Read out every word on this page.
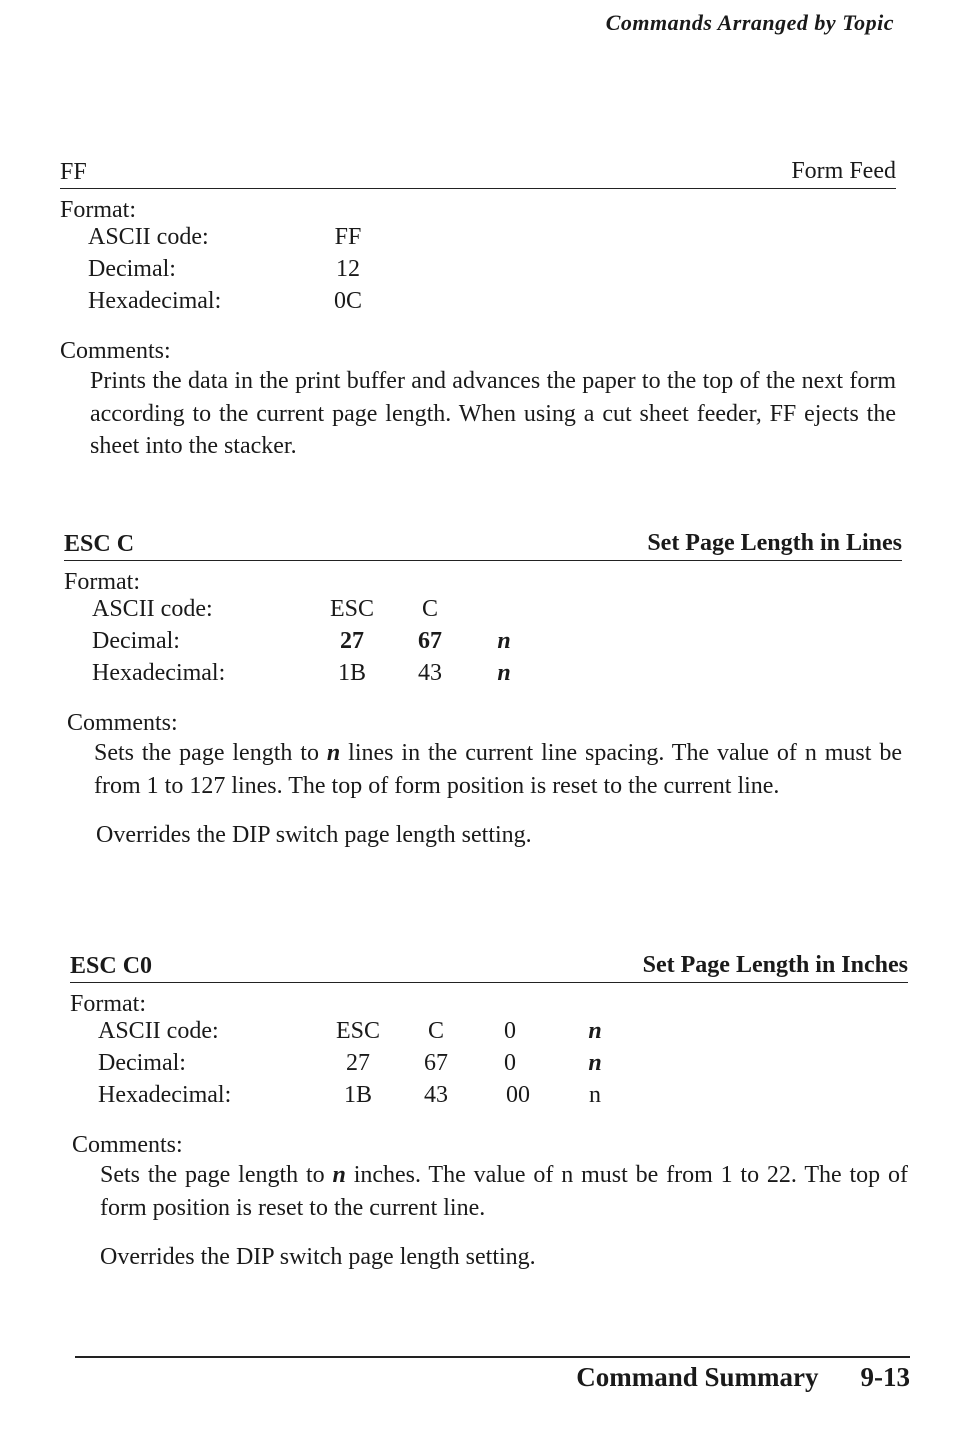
Commands Arranged by Topic
FF	Form Feed
Format:
ASCII code:	FF
Decimal:	12
Hexadecimal:	0C
Comments:

Prints the data in the print buffer and advances the paper to the top of the next form according to the current page length. When using a cut sheet feeder, FF ejects the sheet into the stacker.

ESC C	Set Page Length in Lines
Format:
ASCII code:	ESC	C
Decimal:	27	67	n
Hexadecimal:	1B	43	n
Comments:

Sets the page length to n lines in the current line spacing. The value of n must be from 1 to 127 lines. The top of form position is reset to the current line.

Overrides the DIP switch page length setting.

ESC C0	Set Page Length in Inches
Format:
ASCII code:	ESC	C	0	n
Decimal:	27	67	0	n
Hexadecimal:	1B	43	00	n
Comments:

Sets the page length to n inches. The value of n must be from 1 to 22. The top of form position is reset to the current line.

Overrides the DIP switch page length setting.

Command Summary 9-13
